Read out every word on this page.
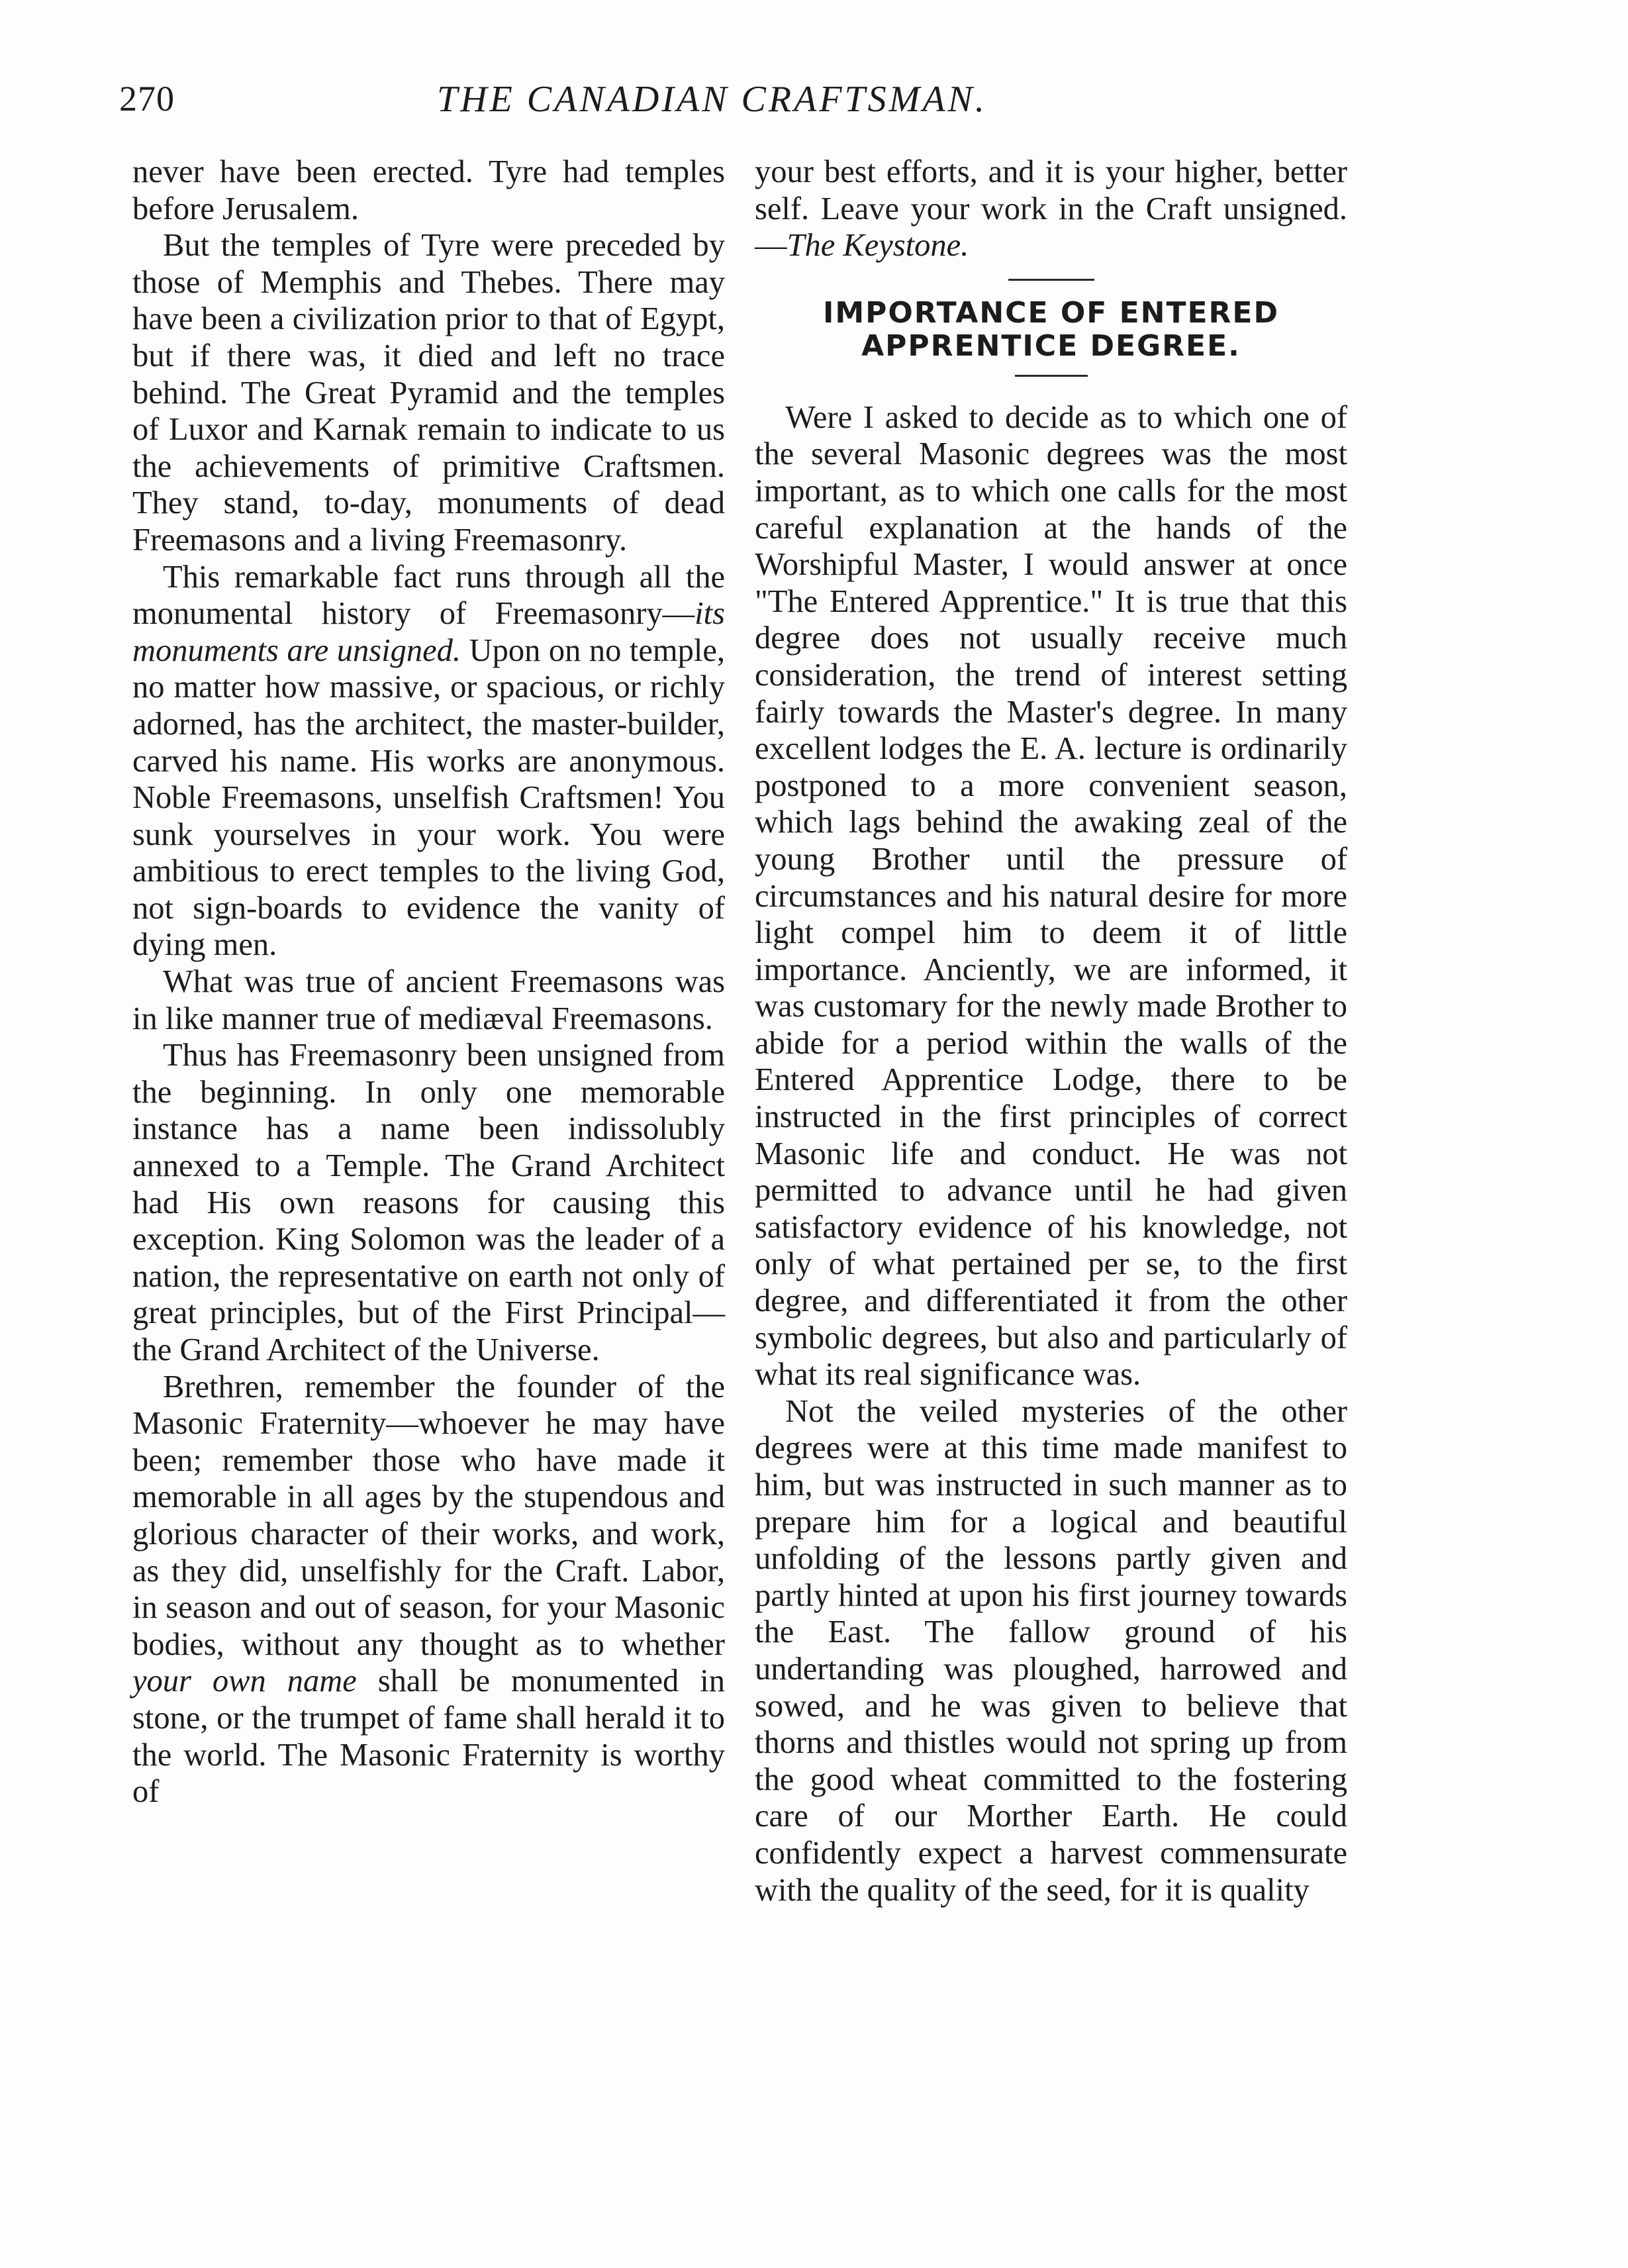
270	THE CANADIAN CRAFTSMAN.

never have been erected. Tyre had temples before Jerusalem.

But the temples of Tyre were preceded by those of Memphis and Thebes. There may have been a civilization prior to that of Egypt, but if there was, it died and left no trace behind. The Great Pyramid and the temples of Luxor and Karnak remain to indicate to us the achievements of primitive Craftsmen. They stand, to-day, monuments of dead Freemasons and a living Freemasonry.

This remarkable fact runs through all the monumental history of Freemasonry—its monuments are unsigned. Upon on no temple, no matter how massive, or spacious, or richly adorned, has the architect, the master-builder, carved his name. His works are anonymous. Noble Freemasons, unselfish Craftsmen! You sunk yourselves in your work. You were ambitious to erect temples to the living God, not sign-boards to evidence the vanity of dying men.

What was true of ancient Freemasons was in like manner true of mediæval Freemasons.

Thus has Freemasonry been unsigned from the beginning. In only one memorable instance has a name been indissolubly annexed to a Temple. The Grand Architect had His own reasons for causing this exception. King Solomon was the leader of a nation, the representative on earth not only of great principles, but of the First Principal—the Grand Architect of the Universe.

Brethren, remember the founder of the Masonic Fraternity—whoever he may have been; remember those who have made it memorable in all ages by the stupendous and glorious character of their works, and work, as they did, unselfishly for the Craft. Labor, in season and out of season, for your Masonic bodies, without any thought as to whether your own name shall be monumented in stone, or the trumpet of fame shall herald it to the world. The Masonic Fraternity is worthy of

your best efforts, and it is your higher, better self. Leave your work in the Craft unsigned.—The Keystone.

IMPORTANCE OF ENTERED
APPRENTICE DEGREE.

Were I asked to decide as to which one of the several Masonic degrees was the most important, as to which one calls for the most careful explanation at the hands of the Worshipful Master, I would answer at once "The Entered Apprentice." It is true that this degree does not usually receive much consideration, the trend of interest setting fairly towards the Master's degree. In many excellent lodges the E. A. lecture is ordinarily postponed to a more convenient season, which lags behind the awaking zeal of the young Brother until the pressure of circumstances and his natural desire for more light compel him to deem it of little importance. Anciently, we are informed, it was customary for the newly made Brother to abide for a period within the walls of the Entered Apprentice Lodge, there to be instructed in the first principles of correct Masonic life and conduct. He was not permitted to advance until he had given satisfactory evidence of his knowledge, not only of what pertained per se, to the first degree, and differentiated it from the other symbolic degrees, but also and particularly of what its real significance was.

Not the veiled mysteries of the other degrees were at this time made manifest to him, but was instructed in such manner as to prepare him for a logical and beautiful unfolding of the lessons partly given and partly hinted at upon his first journey towards the East. The fallow ground of his undertanding was ploughed, harrowed and sowed, and he was given to believe that thorns and thistles would not spring up from the good wheat committed to the fostering care of our Morther Earth. He could confidently expect a harvest commensurate with the quality of the seed, for it is quality
